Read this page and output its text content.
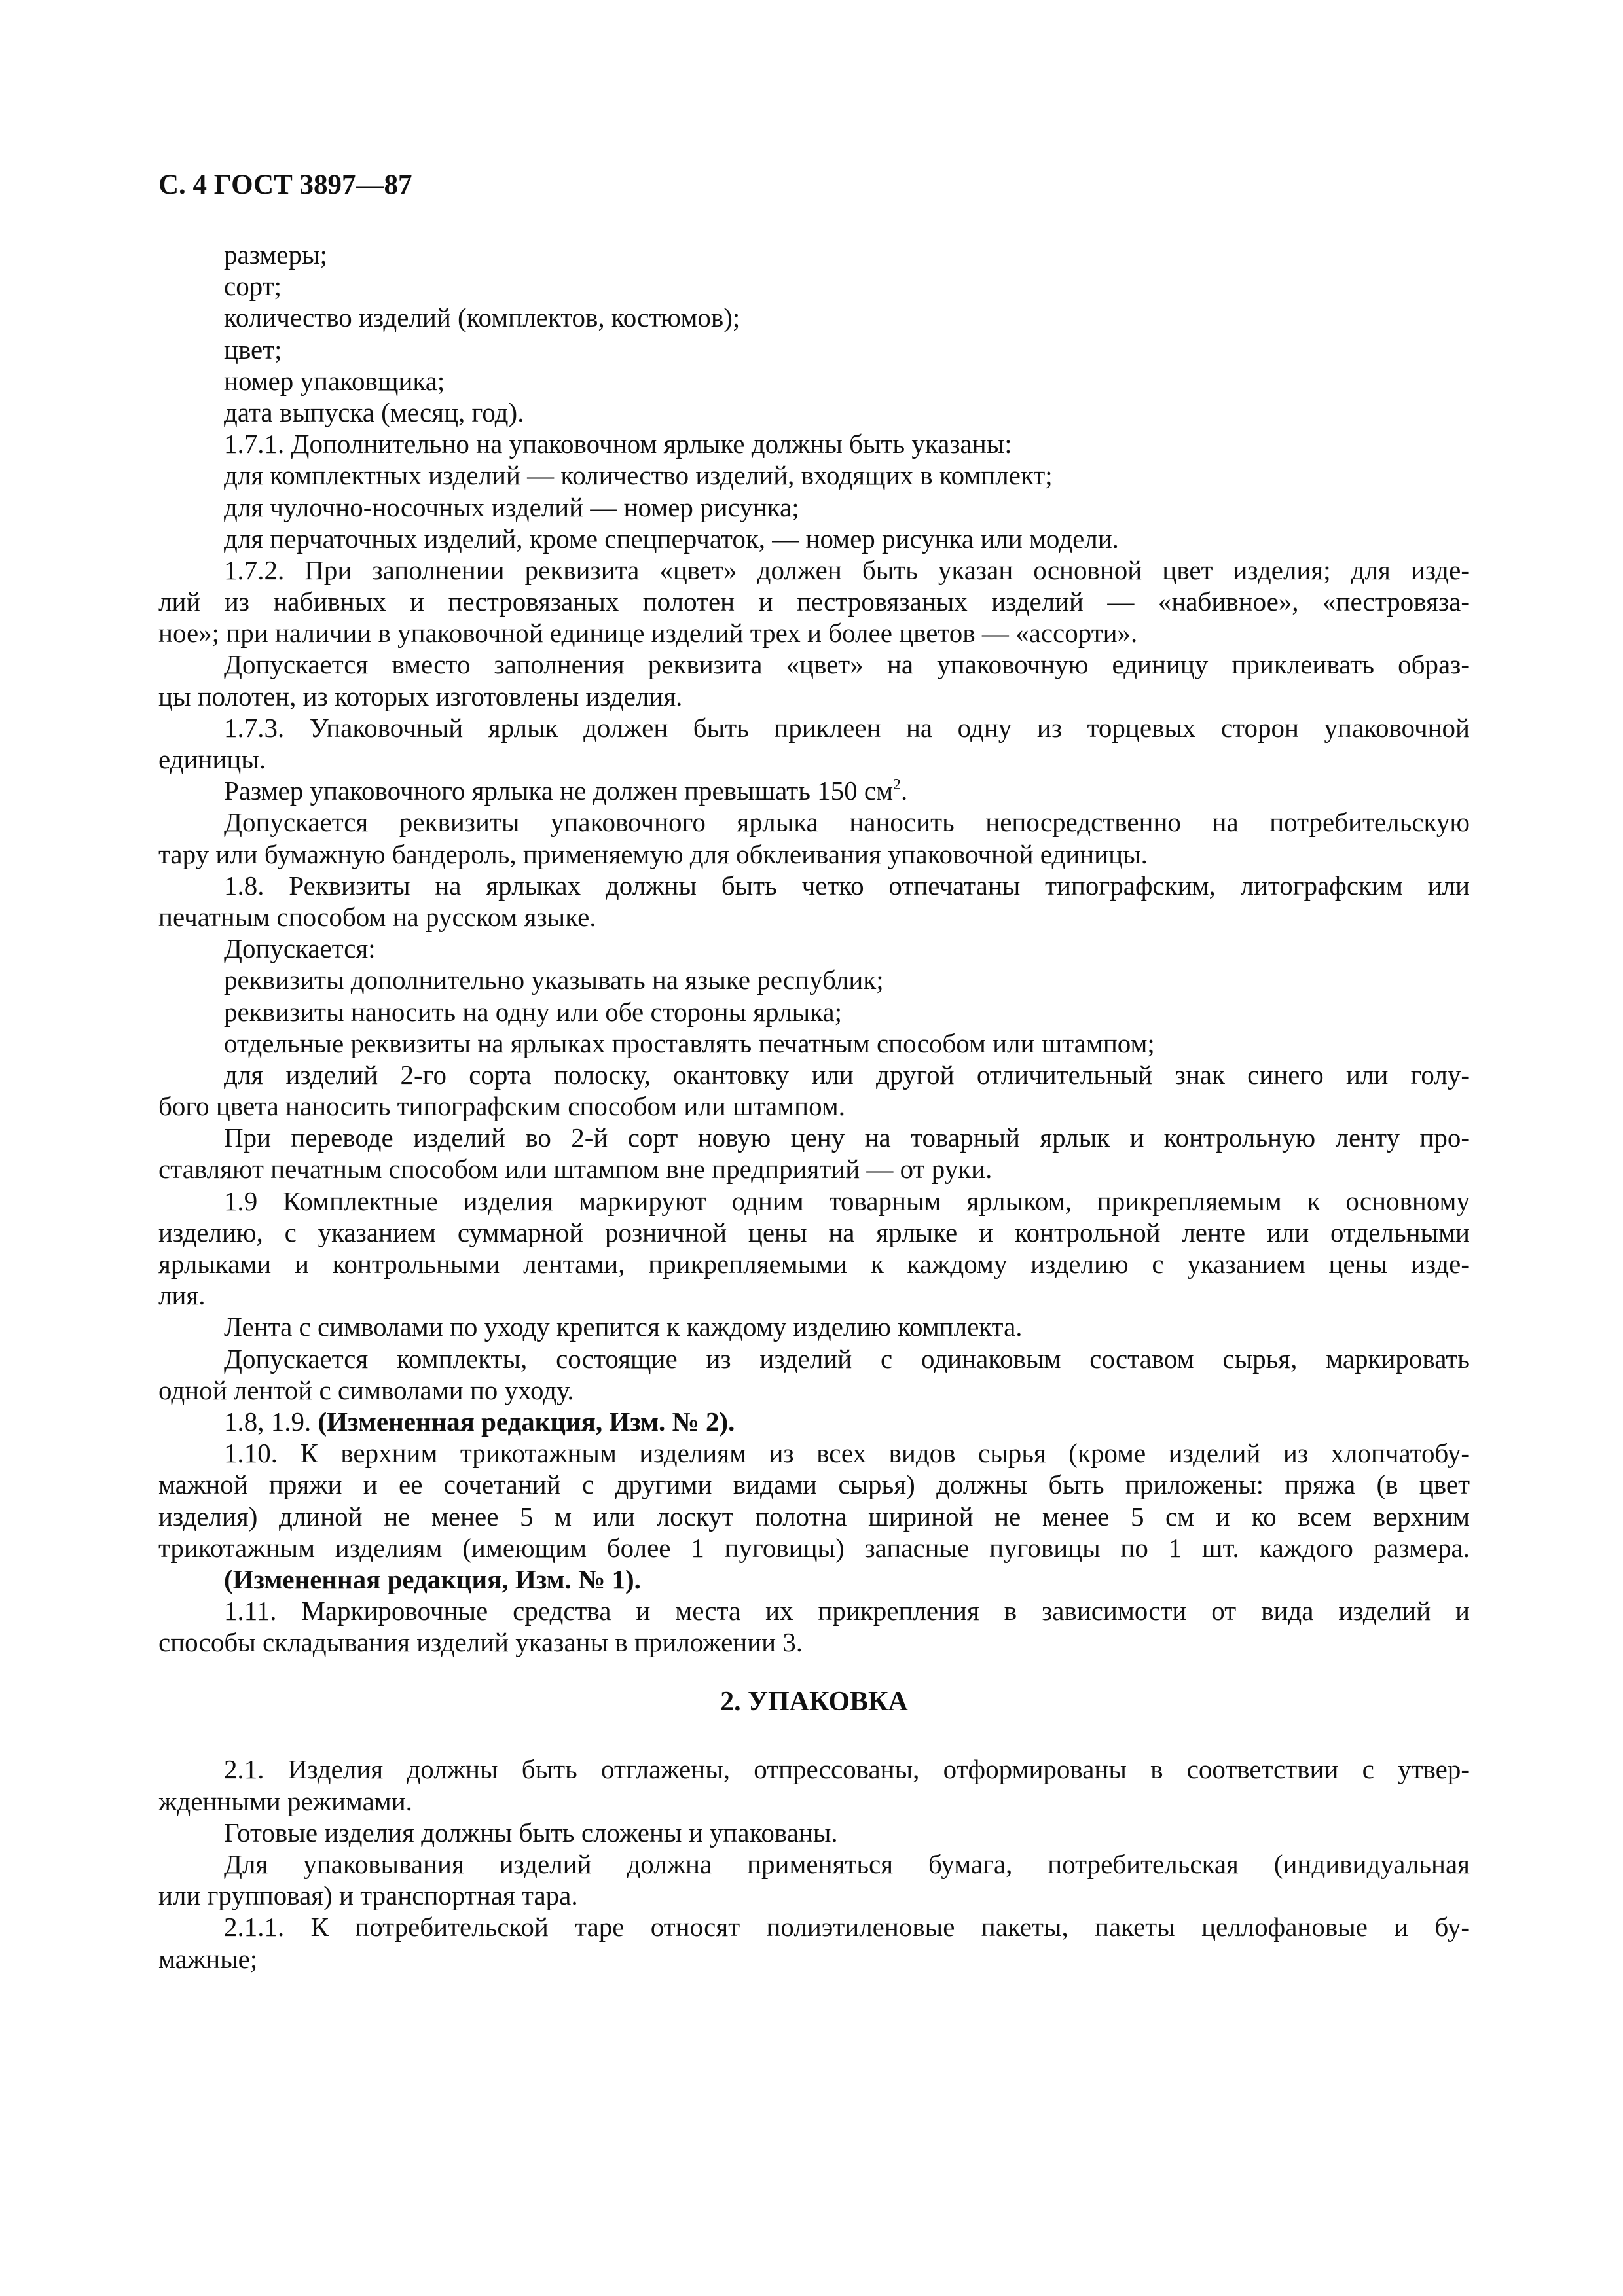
С. 4 ГОСТ 3897—87
размеры;
сорт;
количество изделий (комплектов, костюмов);
цвет;
номер упаковщика;
дата выпуска (месяц, год).
1.7.1. Дополнительно на упаковочном ярлыке должны быть указаны:
для комплектных изделий — количество изделий, входящих в комплект;
для чулочно-носочных изделий — номер рисунка;
для перчаточных изделий, кроме спецперчаток, — номер рисунка или модели.
1.7.2. При заполнении реквизита «цвет» должен быть указан основной цвет изделия; для изде-
лий из набивных и пестровязаных полотен и пестровязаных изделий — «набивное», «пестровяза-
ное»; при наличии в упаковочной единице изделий трех и более цветов — «ассорти».
Допускается вместо заполнения реквизита «цвет» на упаковочную единицу приклеивать образ-
цы полотен, из которых изготовлены изделия.
1.7.3. Упаковочный ярлык должен быть приклеен на одну из торцевых сторон упаковочной
единицы.
Размер упаковочного ярлыка не должен превышать 150 $см^2$.
Допускается реквизиты упаковочного ярлыка наносить непосредственно на потребительскую
тару или бумажную бандероль, применяемую для обклеивания упаковочной единицы.
1.8. Реквизиты на ярлыках должны быть четко отпечатаны типографским, литографским или
печатным способом на русском языке.
Допускается:
реквизиты дополнительно указывать на языке республик;
реквизиты наносить на одну или обе стороны ярлыка;
отдельные реквизиты на ярлыках проставлять печатным способом или штампом;
для изделий 2-го сорта полоску, окантовку или другой отличительный знак синего или голу-
бого цвета наносить типографским способом или штампом.
При переводе изделий во 2-й сорт новую цену на товарный ярлык и контрольную ленту про-
ставляют печатным способом или штампом вне предприятий — от руки.
1.9 Комплектные изделия маркируют одним товарным ярлыком, прикрепляемым к основному
изделию, с указанием суммарной розничной цены на ярлыке и контрольной ленте или отдельными
ярлыками и контрольными лентами, прикрепляемыми к каждому изделию с указанием цены изде-
лия.
Лента с символами по уходу крепится к каждому изделию комплекта.
Допускается комплекты, состоящие из изделий с одинаковым составом сырья, маркировать
одной лентой с символами по уходу.
1.8, 1.9. (Измененная редакция, Изм. № 2).
1.10. К верхним трикотажным изделиям из всех видов сырья (кроме изделий из хлопчатобу-
мажной пряжи и ее сочетаний с другими видами сырья) должны быть приложены: пряжа (в цвет
изделия) длиной не менее 5 м или лоскут полотна шириной не менее 5 см и ко всем верхним
трикотажным изделиям (имеющим более 1 пуговицы) запасные пуговицы по 1 шт. каждого размера.
(Измененная редакция, Изм. № 1).
1.11. Маркировочные средства и места их прикрепления в зависимости от вида изделий и
способы складывания изделий указаны в приложении 3.
2. УПАКОВКА
2.1. Изделия должны быть отглажены, отпрессованы, отформированы в соответствии с утвер-
жденными режимами.
Готовые изделия должны быть сложены и упакованы.
Для упаковывания изделий должна применяться бумага, потребительская (индивидуальная
или групповая) и транспортная тара.
2.1.1. К потребительской таре относят полиэтиленовые пакеты, пакеты целлофановые и бу-
мажные;
